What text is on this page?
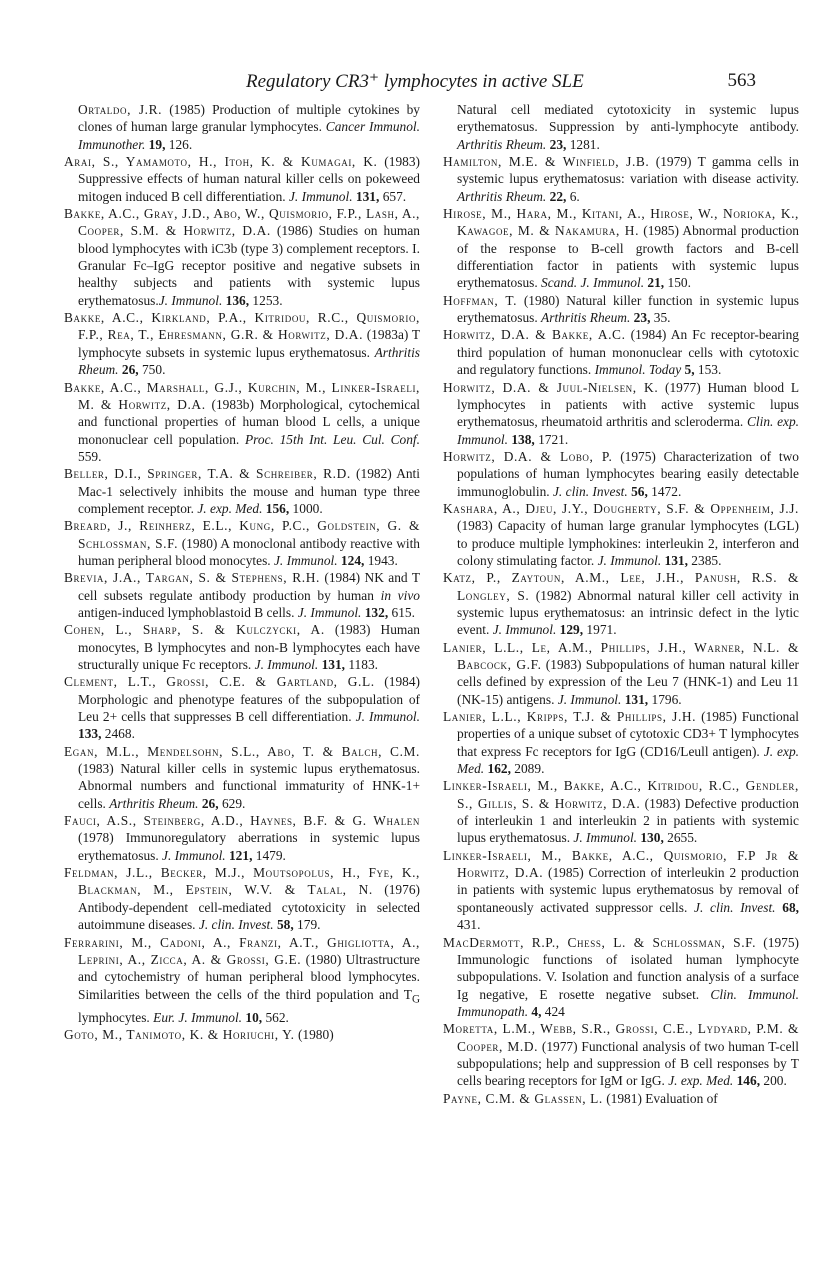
Regulatory CR3⁺ lymphocytes in active SLE	563

Ortaldo, J.R. (1985) Production of multiple cytokines by clones of human large granular lymphocytes. Cancer Immunol. Immunother. 19, 126.

Arai, S., Yamamoto, H., Itoh, K. & Kumagai, K. (1983) Suppressive effects of human natural killer cells on pokeweed mitogen induced B cell differentiation. J. Immunol. 131, 657.

Bakke, A.C., Gray, J.D., Abo, W., Quismorio, F.P., Lash, A., Cooper, S.M. & Horwitz, D.A. (1986) Studies on human blood lymphocytes with iC3b (type 3) complement receptors. I. Granular Fc–IgG receptor positive and negative subsets in healthy subjects and patients with systemic lupus erythematosus.J. Immunol. 136, 1253.

Bakke, A.C., Kirkland, P.A., Kitridou, R.C., Quismorio, F.P., Rea, T., Ehresmann, G.R. & Horwitz, D.A. (1983a) T lymphocyte subsets in systemic lupus erythematosus. Arthritis Rheum. 26, 750.

Bakke, A.C., Marshall, G.J., Kurchin, M., Linker-Israeli, M. & Horwitz, D.A. (1983b) Morphological, cytochemical and functional properties of human blood L cells, a unique mononuclear cell population. Proc. 15th Int. Leu. Cul. Conf. 559.

Beller, D.I., Springer, T.A. & Schreiber, R.D. (1982) Anti Mac-1 selectively inhibits the mouse and human type three complement receptor. J. exp. Med. 156, 1000.

Breard, J., Reinherz, E.L., Kung, P.C., Goldstein, G. & Schlossman, S.F. (1980) A monoclonal antibody reactive with human peripheral blood monocytes. J. Immunol. 124, 1943.

Brevia, J.A., Targan, S. & Stephens, R.H. (1984) NK and T cell subsets regulate antibody production by human in vivo antigen-induced lymphoblastoid B cells. J. Immunol. 132, 615.

Cohen, L., Sharp, S. & Kulczycki, A. (1983) Human monocytes, B lymphocytes and non-B lymphocytes each have structurally unique Fc receptors. J. Immunol. 131, 1183.

Clement, L.T., Grossi, C.E. & Gartland, G.L. (1984) Morphologic and phenotype features of the subpopulation of Leu 2+ cells that suppresses B cell differentiation. J. Immunol. 133, 2468.

Egan, M.L., Mendelsohn, S.L., Abo, T. & Balch, C.M. (1983) Natural killer cells in systemic lupus erythematosus. Abnormal numbers and functional immaturity of HNK-1+ cells. Arthritis Rheum. 26, 629.

Fauci, A.S., Steinberg, A.D., Haynes, B.F. & G. Whalen (1978) Immunoregulatory aberrations in systemic lupus erythematosus. J. Immunol. 121, 1479.

Feldman, J.L., Becker, M.J., Moutsopolus, H., Fye, K., Blackman, M., Epstein, W.V. & Talal, N. (1976) Antibody-dependent cell-mediated cytotoxicity in selected autoimmune diseases. J. clin. Invest. 58, 179.

Ferrarini, M., Cadoni, A., Franzi, A.T., Ghigliotta, A., Leprini, A., Zicca, A. & Grossi, G.E. (1980) Ultrastructure and cytochemistry of human peripheral blood lymphocytes. Similarities between the cells of the third population and $T_G$ lymphocytes. Eur. J. Immunol. 10, 562.

Goto, M., Tanimoto, K. & Horiuchi, Y. (1980)

Natural cell mediated cytotoxicity in systemic lupus erythematosus. Suppression by anti-lymphocyte antibody. Arthritis Rheum. 23, 1281.

Hamilton, M.E. & Winfield, J.B. (1979) T gamma cells in systemic lupus erythematosus: variation with disease activity. Arthritis Rheum. 22, 6.

Hirose, M., Hara, M., Kitani, A., Hirose, W., Norioka, K., Kawagoe, M. & Nakamura, H. (1985) Abnormal production of the response to B-cell growth factors and B-cell differentiation factor in patients with systemic lupus erythematosus. Scand. J. Immunol. 21, 150.

Hoffman, T. (1980) Natural killer function in systemic lupus erythematosus. Arthritis Rheum. 23, 35.

Horwitz, D.A. & Bakke, A.C. (1984) An Fc receptor-bearing third population of human mononuclear cells with cytotoxic and regulatory functions. Immunol. Today 5, 153.

Horwitz, D.A. & Juul-Nielsen, K. (1977) Human blood L lymphocytes in patients with active systemic lupus erythematosus, rheumatoid arthritis and scleroderma. Clin. exp. Immunol. 138, 1721.

Horwitz, D.A. & Lobo, P. (1975) Characterization of two populations of human lymphocytes bearing easily detectable immunoglobulin. J. clin. Invest. 56, 1472.

Kashara, A., Djeu, J.Y., Dougherty, S.F. & Oppenheim, J.J. (1983) Capacity of human large granular lymphocytes (LGL) to produce multiple lymphokines: interleukin 2, interferon and colony stimulating factor. J. Immunol. 131, 2385.

Katz, P., Zaytoun, A.M., Lee, J.H., Panush, R.S. & Longley, S. (1982) Abnormal natural killer cell activity in systemic lupus erythematosus: an intrinsic defect in the lytic event. J. Immunol. 129, 1971.

Lanier, L.L., Le, A.M., Phillips, J.H., Warner, N.L. & Babcock, G.F. (1983) Subpopulations of human natural killer cells defined by expression of the Leu 7 (HNK-1) and Leu 11 (NK-15) antigens. J. Immunol. 131, 1796.

Lanier, L.L., Kripps, T.J. & Phillips, J.H. (1985) Functional properties of a unique subset of cytotoxic CD3+ T lymphocytes that express Fc receptors for IgG (CD16/Leull antigen). J. exp. Med. 162, 2089.

Linker-Israeli, M., Bakke, A.C., Kitridou, R.C., Gendler, S., Gillis, S. & Horwitz, D.A. (1983) Defective production of interleukin 1 and interleukin 2 in patients with systemic lupus erythematosus. J. Immunol. 130, 2655.

Linker-Israeli, M., Bakke, A.C., Quismorio, F.P Jr & Horwitz, D.A. (1985) Correction of interleukin 2 production in patients with systemic lupus erythematosus by removal of spontaneously activated suppressor cells. J. clin. Invest. 68, 431.

MacDermott, R.P., Chess, L. & Schlossman, S.F. (1975) Immunologic functions of isolated human lymphocyte subpopulations. V. Isolation and function analysis of a surface Ig negative, E rosette negative subset. Clin. Immunol. Immunopath. 4, 424

Moretta, L.M., Webb, S.R., Grossi, C.E., Lydyard, P.M. & Cooper, M.D. (1977) Functional analysis of two human T-cell subpopulations; help and suppression of B cell responses by T cells bearing receptors for IgM or IgG. J. exp. Med. 146, 200.

Payne, C.M. & Glassen, L. (1981) Evaluation of
